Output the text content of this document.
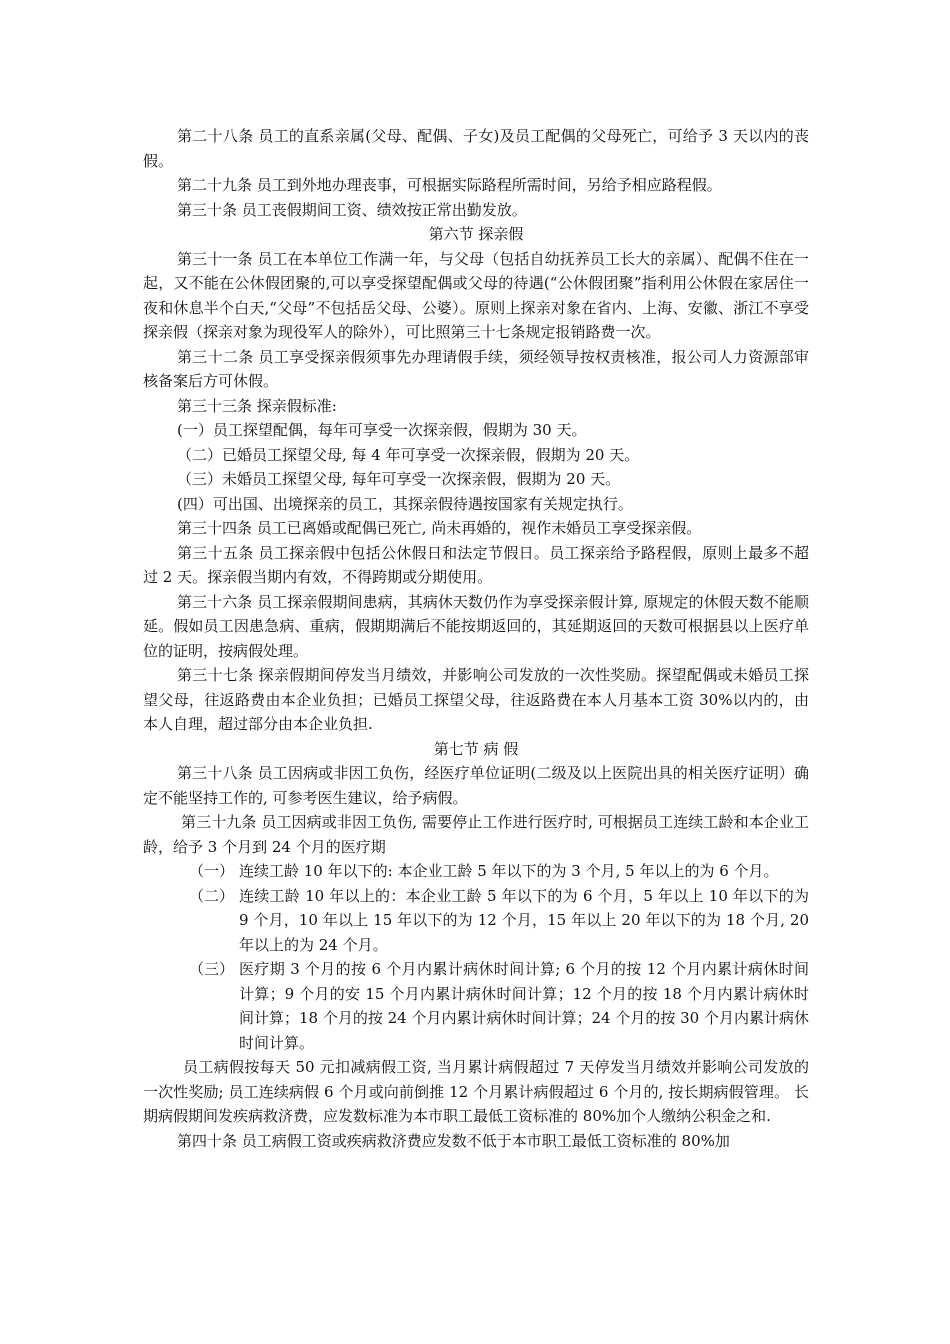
第二十八条 员工的直系亲属(父母、配偶、子女)及员工配偶的父母死亡，可给予 3 天以内的丧假。

第二十九条 员工到外地办理丧事，可根据实际路程所需时间，另给予相应路程假。

第三十条 员工丧假期间工资、绩效按正常出勤发放。

第六节 探亲假

第三十一条 员工在本单位工作满一年，与父母（包括自幼抚养员工长大的亲属）、配偶不住在一起，又不能在公休假团聚的,可以享受探望配偶或父母的待遇(“公休假团聚”指利用公休假在家居住一夜和休息半个白天,“父母”不包括岳父母、公婆）。原则上探亲对象在省内、上海、安徽、浙江不享受探亲假（探亲对象为现役军人的除外），可比照第三十七条规定报销路费一次。

第三十二条 员工享受探亲假须事先办理请假手续，须经领导按权责核准，报公司人力资源部审核备案后方可休假。

第三十三条 探亲假标准:

(一）员工探望配偶，每年可享受一次探亲假，假期为 30 天。

（二）已婚员工探望父母, 每 4 年可享受一次探亲假，假期为 20 天。

（三）未婚员工探望父母, 每年可享受一次探亲假，假期为 20 天。

(四）可出国、出境探亲的员工，其探亲假待遇按国家有关规定执行。

第三十四条 员工已离婚或配偶已死亡, 尚未再婚的，视作未婚员工享受探亲假。

第三十五条 员工探亲假中包括公休假日和法定节假日。员工探亲给予路程假，原则上最多不超过 2 天。探亲假当期内有效，不得跨期或分期使用。

第三十六条 员工探亲假期间患病，其病休天数仍作为享受探亲假计算, 原规定的休假天数不能顺延。假如员工因患急病、重病，假期期满后不能按期返回的，其延期返回的天数可根据县以上医疗单位的证明，按病假处理。

第三十七条 探亲假期间停发当月绩效，并影响公司发放的一次性奖励。探望配偶或未婚员工探望父母，往返路费由本企业负担；已婚员工探望父母，往返路费在本人月基本工资 30%以内的，由本人自理，超过部分由本企业负担.

第七节 病 假

第三十八条 员工因病或非因工负伤，经医疗单位证明(二级及以上医院出具的相关医疗证明）确定不能坚持工作的, 可参考医生建议，给予病假。

第三十九条 员工因病或非因工负伤, 需要停止工作进行医疗时, 可根据员工连续工龄和本企业工龄，给予 3 个月到 24 个月的医疗期

（一） 连续工龄 10 年以下的: 本企业工龄 5 年以下的为 3 个月, 5 年以上的为 6 个月。
（二） 连续工龄 10 年以上的：本企业工龄 5 年以下的为 6 个月，5 年以上 10 年以下的为 9 个月，10 年以上 15 年以下的为 12 个月，15 年以上 20 年以下的为 18 个月, 20 年以上的为 24 个月。
（三） 医疗期 3 个月的按 6 个月内累计病休时间计算; 6 个月的按 12 个月内累计病休时间计算；9 个月的安 15 个月内累计病休时间计算；12 个月的按 18 个月内累计病休时间计算；18 个月的按 24 个月内累计病休时间计算；24 个月的按 30 个月内累计病休时间计算。

员工病假按每天 50 元扣减病假工资, 当月累计病假超过 7 天停发当月绩效并影响公司发放的一次性奖励; 员工连续病假 6 个月或向前倒推 12 个月累计病假超过 6 个月的, 按长期病假管理。 长期病假期间发疾病救济费，应发数标准为本市职工最低工资标准的 80%加个人缴纳公积金之和.

第四十条 员工病假工资或疾病救济费应发数不低于本市职工最低工资标准的 80%加
